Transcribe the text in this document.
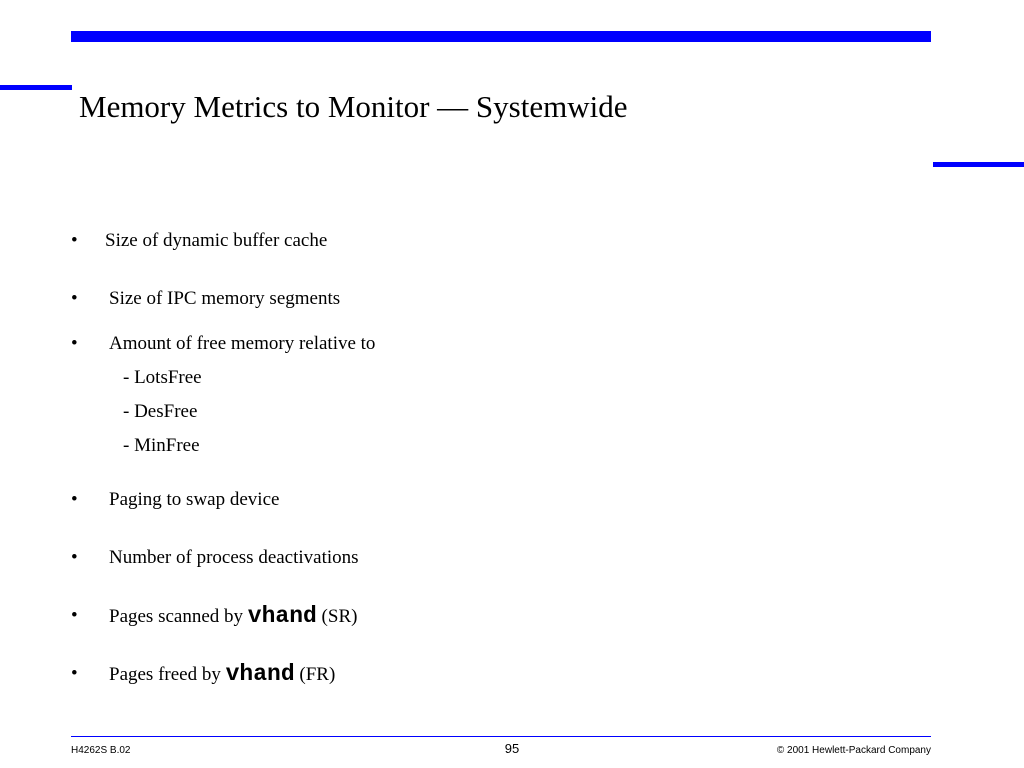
Memory Metrics to Monitor –– Systemwide
•	Size of dynamic buffer cache
•	Size of IPC memory segments
•	Amount of free memory relative to
- LotsFree
- DesFree
- MinFree
•	Paging to swap device
•	Number of process deactivations
•	Pages scanned by vhand (SR)
•	Pages freed by vhand (FR)
H4262S B.02	95	© 2001 Hewlett-Packard Company
